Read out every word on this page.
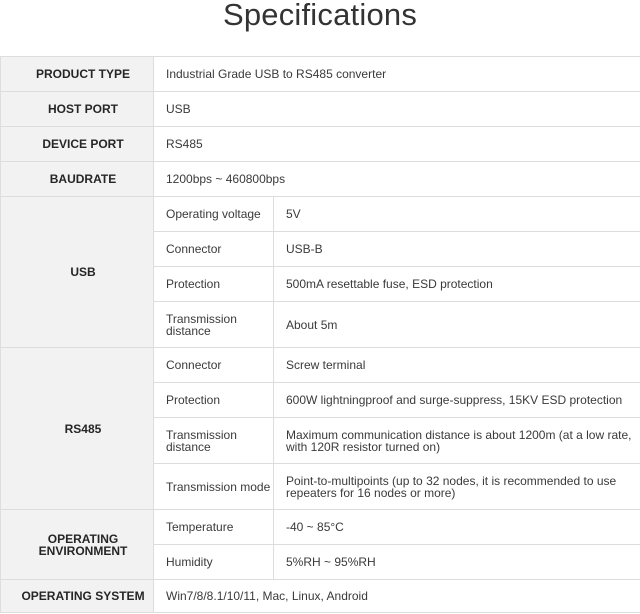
Specifications
PRODUCT TYPE	Industrial Grade USB to RS485 converter	
HOST PORT	USB	
DEVICE PORT	RS485	
BAUDRATE	1200bps ~ 460800bps	
USB	Operating voltage	5V
	Connector	USB-B
	Protection	500mA resettable fuse, ESD protection
	Transmission distance	About 5m
RS485	Connector	Screw terminal
	Protection	600W lightningproof and surge-suppress, 15KV ESD protection
	Transmission distance	Maximum communication distance is about 1200m (at a low rate, with 120R resistor turned on)
	Transmission mode	Point-to-multipoints (up to 32 nodes, it is recommended to use repeaters for 16 nodes or more)
OPERATING ENVIRONMENT	Temperature	-40 ~ 85°C
	Humidity	5%RH ~ 95%RH
OPERATING SYSTEM	Win7/8/8.1/10/11, Mac, Linux, Android	
